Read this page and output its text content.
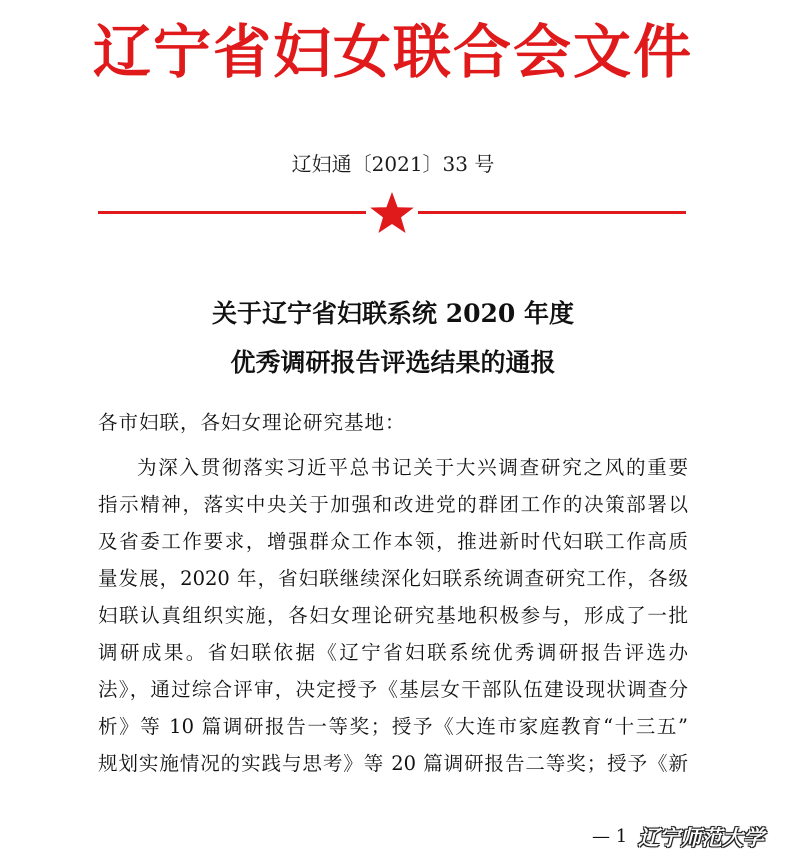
辽宁省妇女联合会文件
辽妇通〔2021〕33 号
关于辽宁省妇联系统 2020 年度
优秀调研报告评选结果的通报
各市妇联，各妇女理论研究基地：
为深入贯彻落实习近平总书记关于大兴调查研究之风的重要
指示精神，落实中央关于加强和改进党的群团工作的决策部署以
及省委工作要求，增强群众工作本领，推进新时代妇联工作高质
量发展，2020 年，省妇联继续深化妇联系统调查研究工作，各级
妇联认真组织实施，各妇女理论研究基地积极参与，形成了一批
调研成果。省妇联依据《辽宁省妇联系统优秀调研报告评选办
法》，通过综合评审，决定授予《基层女干部队伍建设现状调查分
析》等 10 篇调研报告一等奖；授予《大连市家庭教育“十三五”
规划实施情况的实践与思考》等 20 篇调研报告二等奖；授予《新
— 1 辽宁师范大学
